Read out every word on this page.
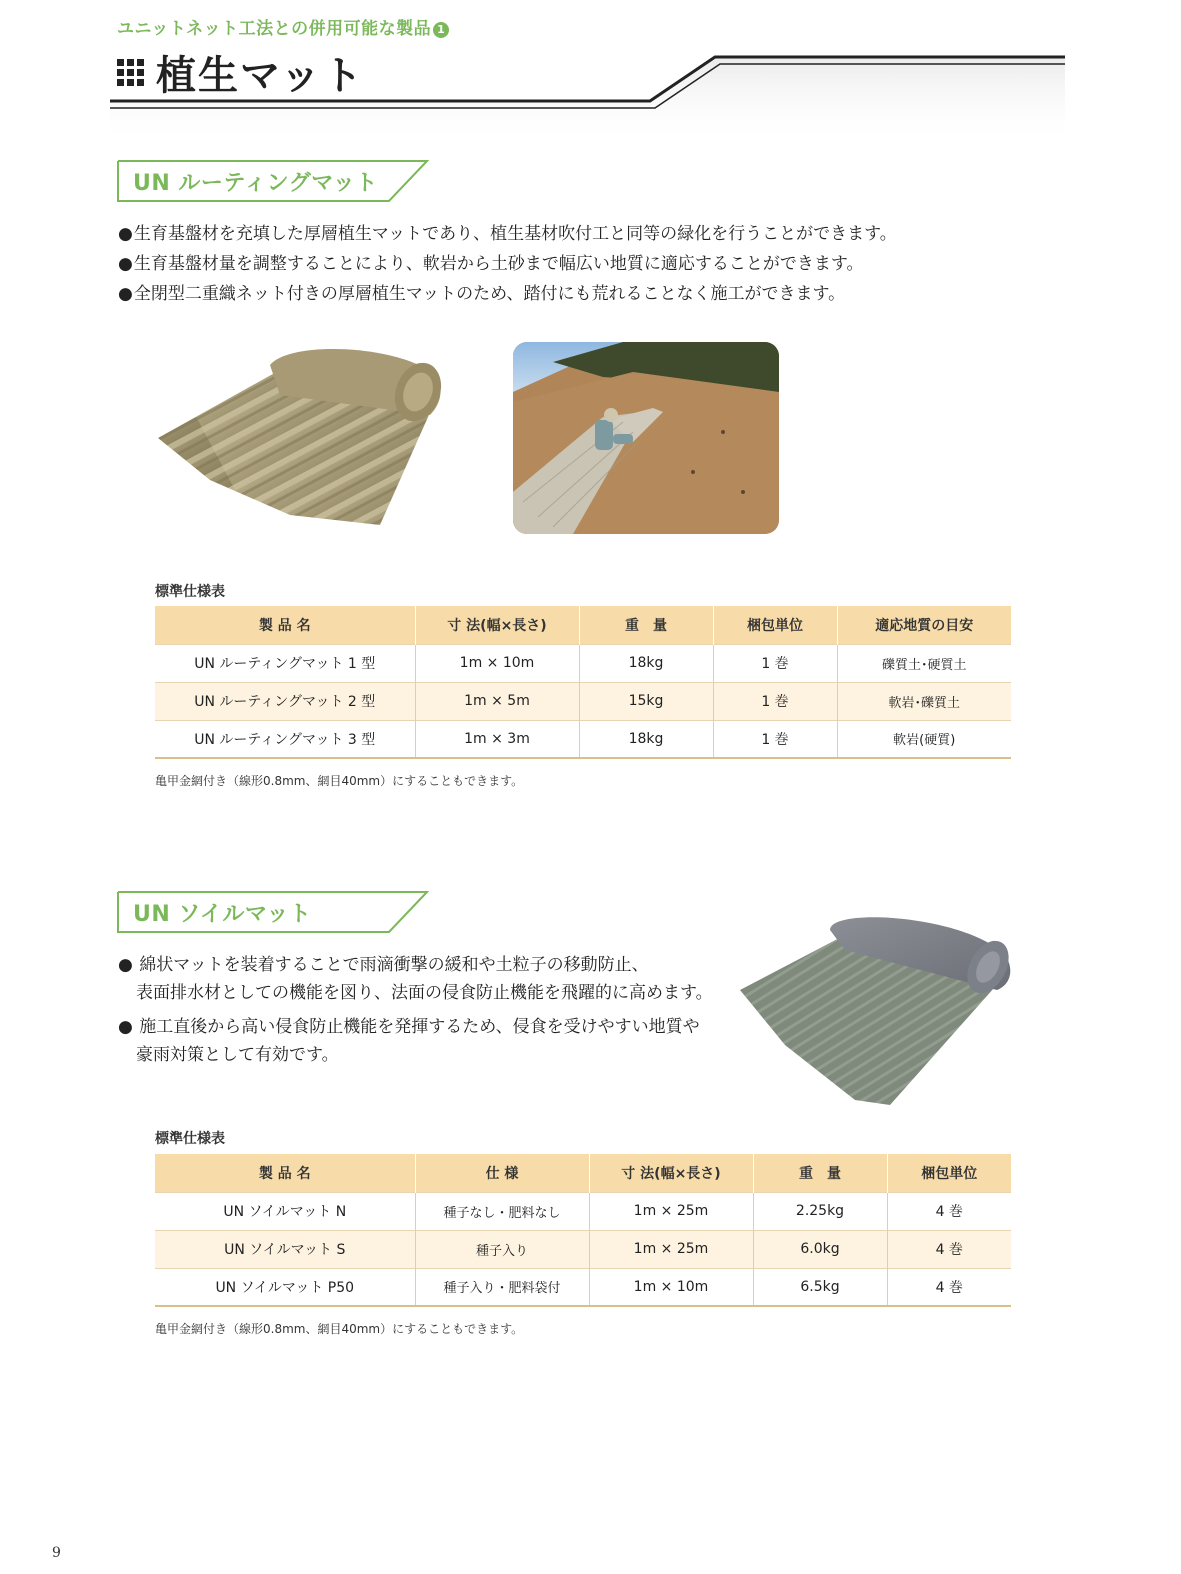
ユニットネット工法との併用可能な製品 1
植生マット
UN ルーティングマット
● 生育基盤材を充填した厚層植生マットであり、植生基材吹付工と同等の緑化を行うことができます。
● 生育基盤材量を調整することにより、軟岩から土砂まで幅広い地質に適応することができます。
● 全閉型二重織ネット付きの厚層植生マットのため、踏付にも荒れることなく施工ができます。
標準仕様表
製 品 名	寸 法(幅×長さ)	重　量	梱包単位	適応地質の目安
UN ルーティングマット 1 型	1m × 10m	18kg	1 巻	礫質土･硬質土
UN ルーティングマット 2 型	1m × 5m	15kg	1 巻	軟岩･礫質土
UN ルーティングマット 3 型	1m × 3m	18kg	1 巻	軟岩(硬質)
亀甲金網付き（線形0.8mm、網目40mm）にすることもできます。
UN ソイルマット
● 綿状マットを装着することで雨滴衝撃の緩和や土粒子の移動防止、
表面排水材としての機能を図り、法面の侵食防止機能を飛躍的に高めます。
● 施工直後から高い侵食防止機能を発揮するため、侵食を受けやすい地質や
豪雨対策として有効です。
標準仕様表
製 品 名	仕 様	寸 法(幅×長さ)	重　量	梱包単位
UN ソイルマット N	種子なし・肥料なし	1m × 25m	2.25kg	4 巻
UN ソイルマット S	種子入り	1m × 25m	6.0kg	4 巻
UN ソイルマット P50	種子入り・肥料袋付	1m × 10m	6.5kg	4 巻
亀甲金網付き（線形0.8mm、網目40mm）にすることもできます。
9
